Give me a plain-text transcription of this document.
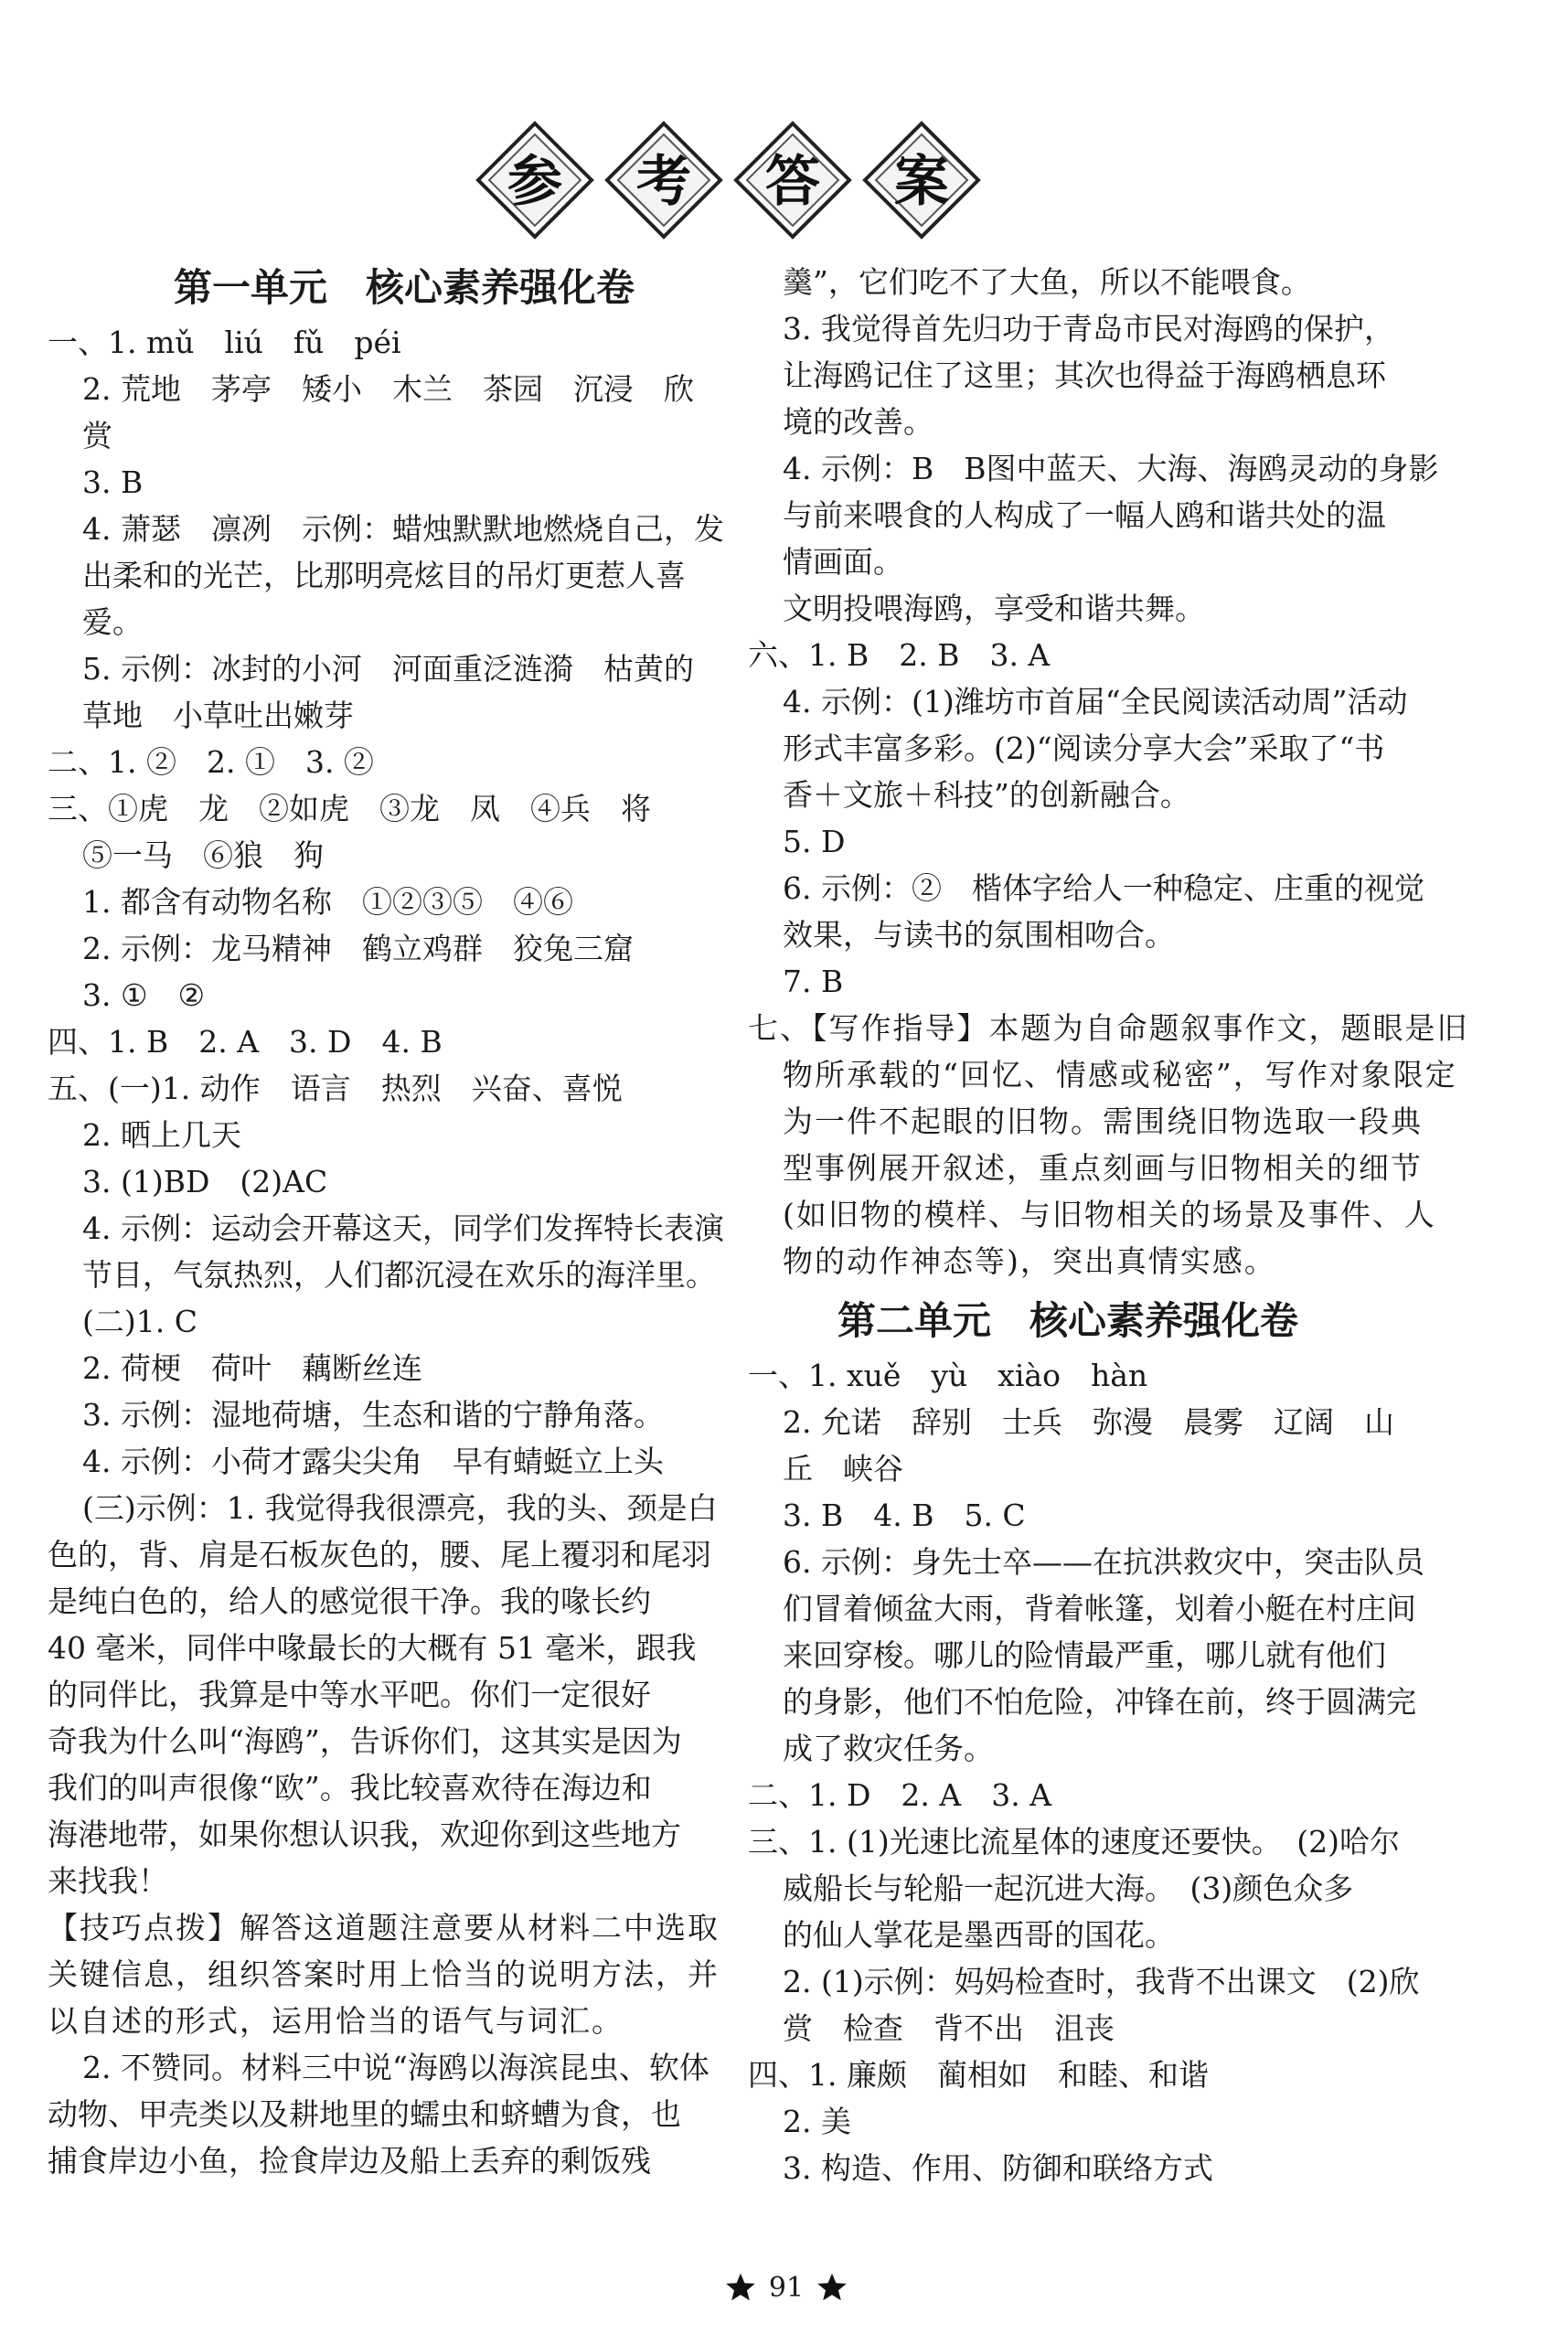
参 考 答 案
第一单元　核心素养强化卷
一、1. mǔ　liú　fǔ　péi
2. 荒地　茅亭　矮小　木兰　茶园　沉浸　欣
赏
3. B
4. 萧瑟　凛冽　示例：蜡烛默默地燃烧自己，发
出柔和的光芒，比那明亮炫目的吊灯更惹人喜
爱。
5. 示例：冰封的小河　河面重泛涟漪　枯黄的
草地　小草吐出嫩芽
二、1. ②　2. ①　3. ②
三、①虎　龙　②如虎　③龙　凤　④兵　将
⑤一马　⑥狼　狗
1. 都含有动物名称　①②③⑤　④⑥
2. 示例：龙马精神　鹤立鸡群　狡兔三窟
3. ①　②
四、1. B　2. A　3. D　4. B
五、(一)1. 动作　语言　热烈　兴奋、喜悦
2. 晒上几天
3. (1)BD　(2)AC
4. 示例：运动会开幕这天，同学们发挥特长表演
节目，气氛热烈，人们都沉浸在欢乐的海洋里。
(二)1. C
2. 荷梗　荷叶　藕断丝连
3. 示例：湿地荷塘，生态和谐的宁静角落。
4. 示例：小荷才露尖尖角　早有蜻蜓立上头
(三)示例：1. 我觉得我很漂亮，我的头、颈是白
色的，背、肩是石板灰色的，腰、尾上覆羽和尾羽
是纯白色的，给人的感觉很干净。我的喙长约
40 毫米，同伴中喙最长的大概有 51 毫米，跟我
的同伴比，我算是中等水平吧。你们一定很好
奇我为什么叫“海鸥”，告诉你们，这其实是因为
我们的叫声很像“欧”。我比较喜欢待在海边和
海港地带，如果你想认识我，欢迎你到这些地方
来找我！
【技巧点拨】解答这道题注意要从材料二中选取
关键信息，组织答案时用上恰当的说明方法，并
以自述的形式，运用恰当的语气与词汇。
2. 不赞同。材料三中说“海鸥以海滨昆虫、软体
动物、甲壳类以及耕地里的蠕虫和蛴螬为食，也
捕食岸边小鱼，捡食岸边及船上丢弃的剩饭残
羹”，它们吃不了大鱼，所以不能喂食。
3. 我觉得首先归功于青岛市民对海鸥的保护，
让海鸥记住了这里；其次也得益于海鸥栖息环
境的改善。
4. 示例：B　B图中蓝天、大海、海鸥灵动的身影
与前来喂食的人构成了一幅人鸥和谐共处的温
情画面。
文明投喂海鸥，享受和谐共舞。
六、1. B　2. B　3. A
4. 示例：(1)潍坊市首届“全民阅读活动周”活动
形式丰富多彩。(2)“阅读分享大会”采取了“书
香＋文旅＋科技”的创新融合。
5. D
6. 示例：②　楷体字给人一种稳定、庄重的视觉
效果，与读书的氛围相吻合。
7. B
七、【写作指导】本题为自命题叙事作文，题眼是旧
物所承载的“回忆、情感或秘密”，写作对象限定
为一件不起眼的旧物。需围绕旧物选取一段典
型事例展开叙述，重点刻画与旧物相关的细节
(如旧物的模样、与旧物相关的场景及事件、人
物的动作神态等)，突出真情实感。
第二单元　核心素养强化卷
一、1. xuě　yù　xiào　hàn
2. 允诺　辞别　士兵　弥漫　晨雾　辽阔　山
丘　峡谷
3. B　4. B　5. C
6. 示例：身先士卒——在抗洪救灾中，突击队员
们冒着倾盆大雨，背着帐篷，划着小艇在村庄间
来回穿梭。哪儿的险情最严重，哪儿就有他们
的身影，他们不怕危险，冲锋在前，终于圆满完
成了救灾任务。
二、1. D　2. A　3. A
三、1. (1)光速比流星体的速度还要快。　(2)哈尔
威船长与轮船一起沉进大海。　(3)颜色众多
的仙人掌花是墨西哥的国花。
2. (1)示例：妈妈检查时，我背不出课文　(2)欣
赏　检查　背不出　沮丧
四、1. 廉颇　蔺相如　和睦、和谐
2. 美
3. 构造、作用、防御和联络方式
91
